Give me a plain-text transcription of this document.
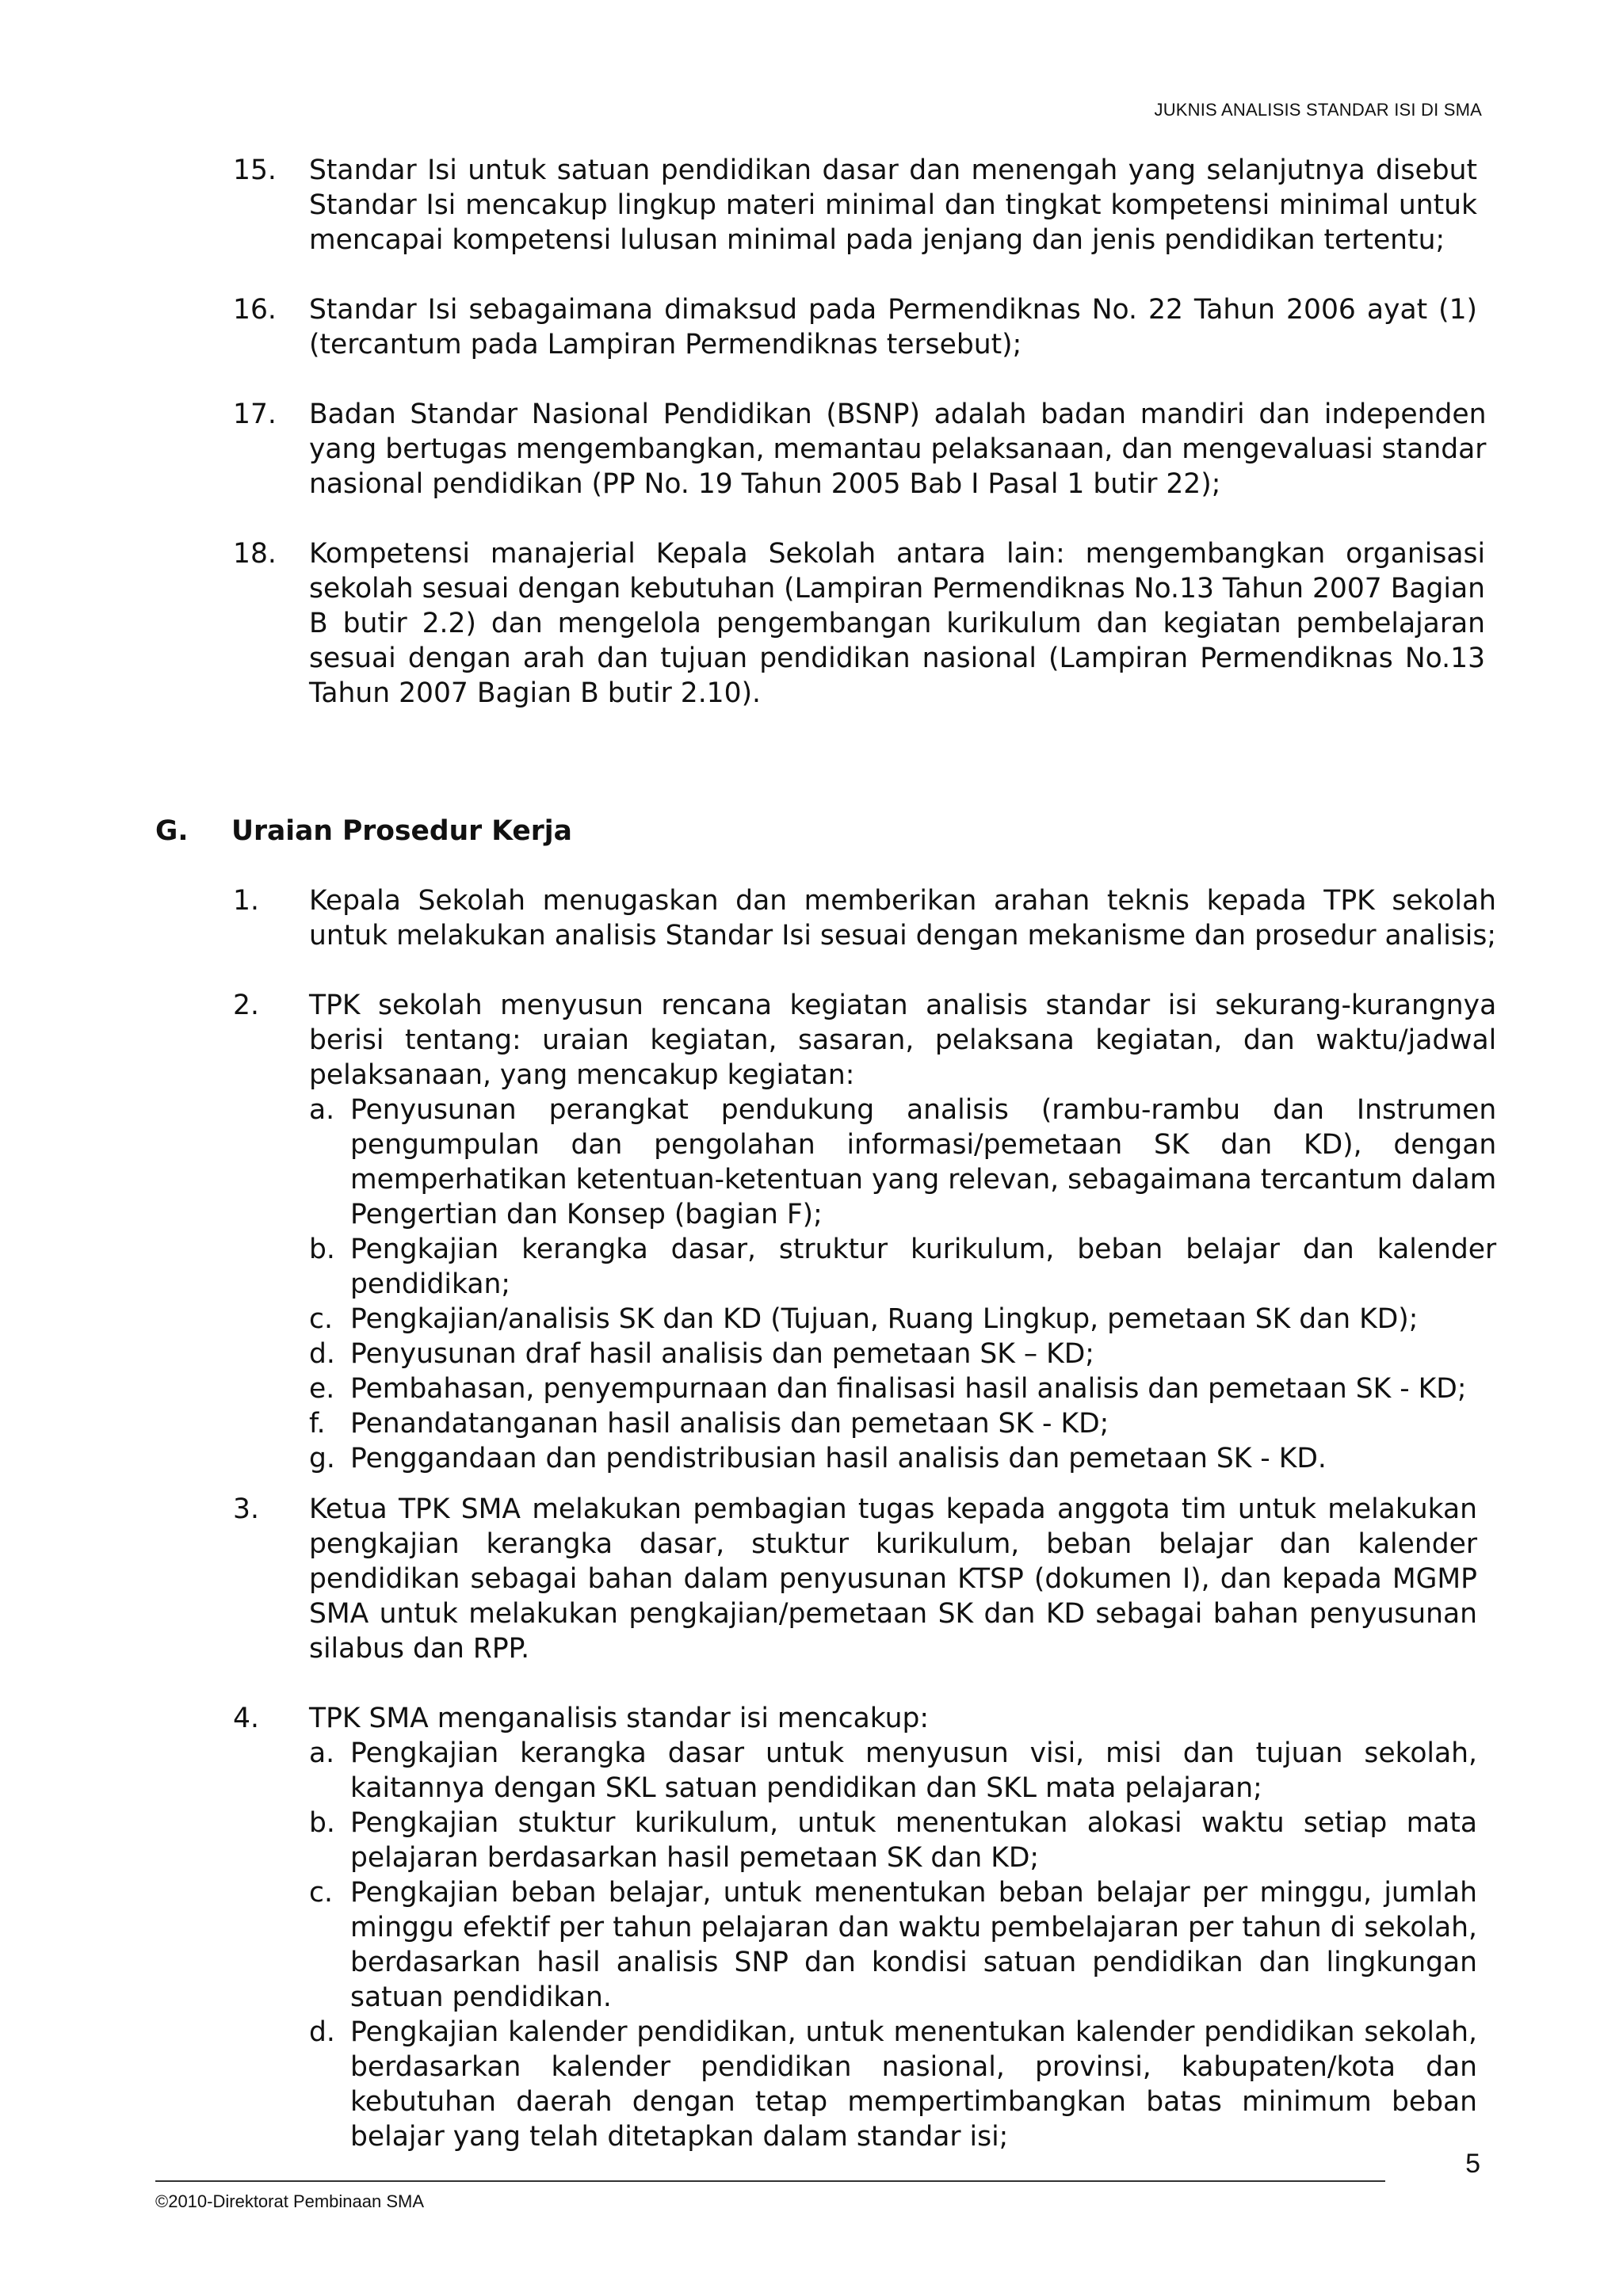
JUKNIS ANALISIS STANDAR ISI DI SMA
15.	Standar Isi untuk satuan pendidikan dasar dan menengah yang selanjutnya disebut
Standar Isi mencakup lingkup materi minimal dan tingkat kompetensi minimal untuk
mencapai kompetensi lulusan minimal pada jenjang dan jenis pendidikan tertentu;
16.	Standar Isi sebagaimana dimaksud pada Permendiknas No. 22 Tahun 2006 ayat (1)
(tercantum pada Lampiran Permendiknas tersebut);
17.	Badan Standar Nasional Pendidikan (BSNP) adalah badan mandiri dan independen
yang bertugas mengembangkan, memantau pelaksanaan, dan mengevaluasi standar
nasional pendidikan (PP No. 19 Tahun 2005 Bab I Pasal 1 butir 22);
18.	Kompetensi manajerial Kepala Sekolah antara lain: mengembangkan organisasi
sekolah sesuai dengan kebutuhan (Lampiran Permendiknas No.13 Tahun 2007 Bagian
B butir 2.2) dan mengelola pengembangan kurikulum dan kegiatan pembelajaran
sesuai dengan arah dan tujuan pendidikan nasional (Lampiran Permendiknas No.13
Tahun 2007 Bagian B butir 2.10).
G.	Uraian Prosedur Kerja
1.	Kepala Sekolah menugaskan dan memberikan arahan teknis kepada TPK sekolah
untuk melakukan analisis Standar Isi sesuai dengan mekanisme dan prosedur analisis;
2.	TPK sekolah menyusun rencana kegiatan analisis standar isi sekurang-kurangnya
berisi tentang: uraian kegiatan, sasaran, pelaksana kegiatan, dan waktu/jadwal
pelaksanaan, yang mencakup kegiatan:
a. Penyusunan perangkat pendukung analisis (rambu-rambu dan Instrumen
pengumpulan dan pengolahan informasi/pemetaan SK dan KD), dengan
memperhatikan ketentuan-ketentuan yang relevan, sebagaimana tercantum dalam
Pengertian dan Konsep (bagian F);
b. Pengkajian kerangka dasar, struktur kurikulum, beban belajar dan kalender
pendidikan;
c. Pengkajian/analisis SK dan KD (Tujuan, Ruang Lingkup, pemetaan SK dan KD);
d. Penyusunan draf hasil analisis dan pemetaan SK – KD;
e. Pembahasan, penyempurnaan dan finalisasi hasil analisis dan pemetaan SK - KD;
f. Penandatanganan hasil analisis dan pemetaan SK - KD;
g. Penggandaan dan pendistribusian hasil analisis dan pemetaan SK - KD.
3.	Ketua TPK SMA melakukan pembagian tugas kepada anggota tim untuk melakukan
pengkajian kerangka dasar, stuktur kurikulum, beban belajar dan kalender
pendidikan sebagai bahan dalam penyusunan KTSP (dokumen I), dan kepada MGMP
SMA untuk melakukan pengkajian/pemetaan SK dan KD sebagai bahan penyusunan
silabus dan RPP.
4.	TPK SMA menganalisis standar isi mencakup:
a. Pengkajian kerangka dasar untuk menyusun visi, misi dan tujuan sekolah,
kaitannya dengan SKL satuan pendidikan dan SKL mata pelajaran;
b. Pengkajian stuktur kurikulum, untuk menentukan alokasi waktu setiap mata
pelajaran berdasarkan hasil pemetaan SK dan KD;
c. Pengkajian beban belajar, untuk menentukan beban belajar per minggu, jumlah
minggu efektif per tahun pelajaran dan waktu pembelajaran per tahun di sekolah,
berdasarkan hasil analisis SNP dan kondisi satuan pendidikan dan lingkungan
satuan pendidikan.
d. Pengkajian kalender pendidikan, untuk menentukan kalender pendidikan sekolah,
berdasarkan kalender pendidikan nasional, provinsi, kabupaten/kota dan
kebutuhan daerah dengan tetap mempertimbangkan batas minimum beban
belajar yang telah ditetapkan dalam standar isi;
5
©2010-Direktorat Pembinaan SMA
